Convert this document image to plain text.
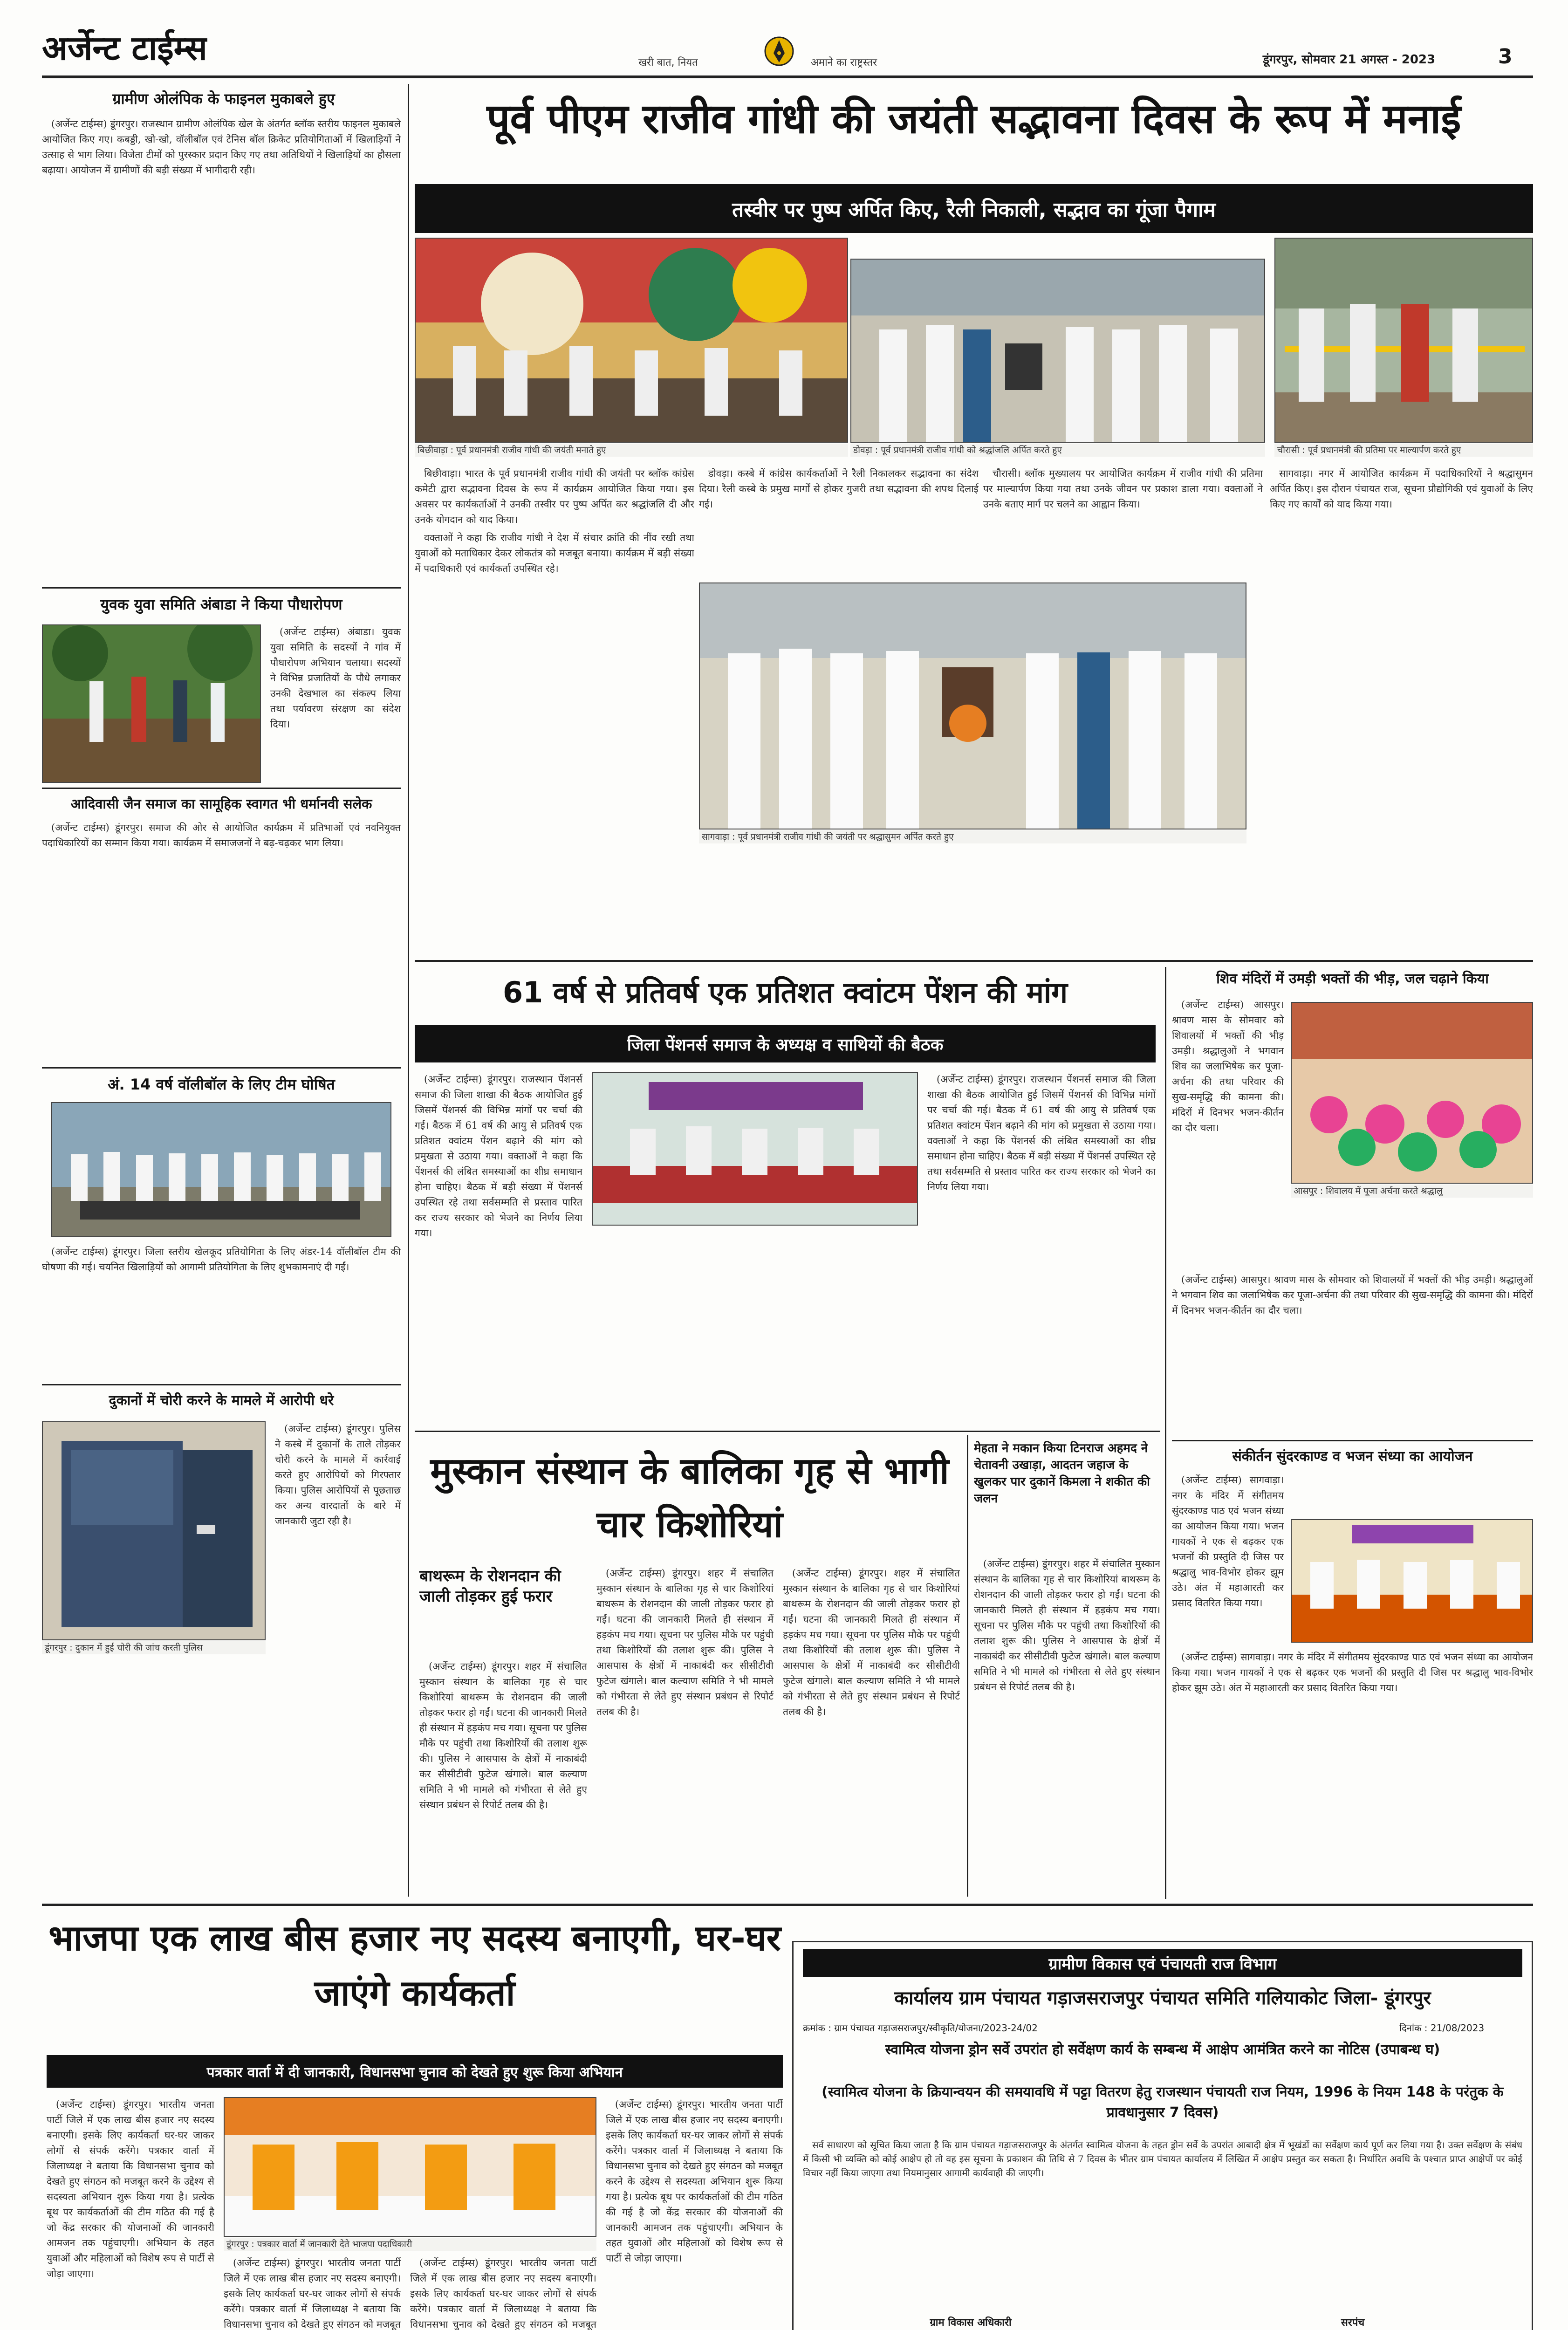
अर्जेन्ट टाईम्स	खरी बात, नियत	अमाने का राष्ट्रस्तर	डूंगरपुर, सोमवार 21 अगस्त - 2023	3
ग्रामीण ओलंपिक के फाइनल मुकाबले हुए

(अर्जेन्ट टाईम्स) डूंगरपुर। राजस्थान ग्रामीण ओलंपिक खेल के अंतर्गत ब्लॉक स्तरीय फाइनल मुकाबले आयोजित किए गए। कबड्डी, खो-खो, वॉलीबॉल एवं टेनिस बॉल क्रिकेट प्रतियोगिताओं में खिलाड़ियों ने उत्साह से भाग लिया। विजेता टीमों को पुरस्कार प्रदान किए गए तथा अतिथियों ने खिलाड़ियों का हौसला बढ़ाया। आयोजन में ग्रामीणों की बड़ी संख्या में भागीदारी रही।

युवक युवा समिति अंबाडा ने किया पौधारोपण

(अर्जेन्ट टाईम्स) अंबाडा। युवक युवा समिति के सदस्यों ने गांव में पौधारोपण अभियान चलाया। सदस्यों ने विभिन्न प्रजातियों के पौधे लगाकर उनकी देखभाल का संकल्प लिया तथा पर्यावरण संरक्षण का संदेश दिया।

आदिवासी जैन समाज का सामूहिक स्वागत भी धर्मानवी सलेक

(अर्जेन्ट टाईम्स) डूंगरपुर। समाज की ओर से आयोजित कार्यक्रम में प्रतिभाओं एवं नवनियुक्त पदाधिकारियों का सम्मान किया गया। कार्यक्रम में समाजजनों ने बढ़-चढ़कर भाग लिया।

अं. 14 वर्ष वॉलीबॉल के लिए टीम घोषित

(अर्जेन्ट टाईम्स) डूंगरपुर। जिला स्तरीय खेलकूद प्रतियोगिता के लिए अंडर-14 वॉलीबॉल टीम की घोषणा की गई। चयनित खिलाड़ियों को आगामी प्रतियोगिता के लिए शुभकामनाएं दी गईं।

दुकानों में चोरी करने के मामले में आरोपी धरे
डूंगरपुर : दुकान में हुई चोरी की जांच करती पुलिस

(अर्जेन्ट टाईम्स) डूंगरपुर। पुलिस ने कस्बे में दुकानों के ताले तोड़कर चोरी करने के मामले में कार्रवाई करते हुए आरोपियों को गिरफ्तार किया। पुलिस आरोपियों से पूछताछ कर अन्य वारदातों के बारे में जानकारी जुटा रही है।

पूर्व पीएम राजीव गांधी की जयंती सद्भावना दिवस के रूप में मनाई
तस्वीर पर पुष्प अर्पित किए, रैली निकाली, सद्भाव का गूंजा पैगाम
बिछीवाड़ा : पूर्व प्रधानमंत्री राजीव गांधी की जयंती मनाते हुए	डोवड़ा : पूर्व प्रधानमंत्री राजीव गांधी को श्रद्धांजलि अर्पित करते हुए	चौरासी : पूर्व प्रधानमंत्री की प्रतिमा पर माल्यार्पण करते हुए

बिछीवाड़ा। भारत के पूर्व प्रधानमंत्री राजीव गांधी की जयंती पर ब्लॉक कांग्रेस कमेटी द्वारा सद्भावना दिवस के रूप में कार्यक्रम आयोजित किया गया। इस अवसर पर कार्यकर्ताओं ने उनकी तस्वीर पर पुष्प अर्पित कर श्रद्धांजलि दी और उनके योगदान को याद किया।

वक्ताओं ने कहा कि राजीव गांधी ने देश में संचार क्रांति की नींव रखी तथा युवाओं को मताधिकार देकर लोकतंत्र को मजबूत बनाया। कार्यक्रम में बड़ी संख्या में पदाधिकारी एवं कार्यकर्ता उपस्थित रहे।

डोवड़ा। कस्बे में कांग्रेस कार्यकर्ताओं ने रैली निकालकर सद्भावना का संदेश दिया। रैली कस्बे के प्रमुख मार्गों से होकर गुजरी तथा सद्भावना की शपथ दिलाई गई।

चौरासी। ब्लॉक मुख्यालय पर आयोजित कार्यक्रम में राजीव गांधी की प्रतिमा पर माल्यार्पण किया गया तथा उनके जीवन पर प्रकाश डाला गया। वक्ताओं ने उनके बताए मार्ग पर चलने का आह्वान किया।

सागवाड़ा : पूर्व प्रधानमंत्री राजीव गांधी की जयंती पर श्रद्धासुमन अर्पित करते हुए

सागवाड़ा। नगर में आयोजित कार्यक्रम में पदाधिकारियों ने श्रद्धासुमन अर्पित किए। इस दौरान पंचायत राज, सूचना प्रौद्योगिकी एवं युवाओं के लिए किए गए कार्यों को याद किया गया।

61 वर्ष से प्रतिवर्ष एक प्रतिशत क्वांटम पेंशन की मांग
जिला पेंशनर्स समाज के अध्यक्ष व साथियों की बैठक

(अर्जेन्ट टाईम्स) डूंगरपुर। राजस्थान पेंशनर्स समाज की जिला शाखा की बैठक आयोजित हुई जिसमें पेंशनर्स की विभिन्न मांगों पर चर्चा की गई। बैठक में 61 वर्ष की आयु से प्रतिवर्ष एक प्रतिशत क्वांटम पेंशन बढ़ाने की मांग को प्रमुखता से उठाया गया। वक्ताओं ने कहा कि पेंशनर्स की लंबित समस्याओं का शीघ्र समाधान होना चाहिए। बैठक में बड़ी संख्या में पेंशनर्स उपस्थित रहे तथा सर्वसम्मति से प्रस्ताव पारित कर राज्य सरकार को भेजने का निर्णय लिया गया।

(अर्जेन्ट टाईम्स) डूंगरपुर। राजस्थान पेंशनर्स समाज की जिला शाखा की बैठक आयोजित हुई जिसमें पेंशनर्स की विभिन्न मांगों पर चर्चा की गई। बैठक में 61 वर्ष की आयु से प्रतिवर्ष एक प्रतिशत क्वांटम पेंशन बढ़ाने की मांग को प्रमुखता से उठाया गया। वक्ताओं ने कहा कि पेंशनर्स की लंबित समस्याओं का शीघ्र समाधान होना चाहिए। बैठक में बड़ी संख्या में पेंशनर्स उपस्थित रहे तथा सर्वसम्मति से प्रस्ताव पारित कर राज्य सरकार को भेजने का निर्णय लिया गया।

शिव मंदिरों में उमड़ी भक्तों की भीड़, जल चढ़ाने किया

(अर्जेन्ट टाईम्स) आसपुर। श्रावण मास के सोमवार को शिवालयों में भक्तों की भीड़ उमड़ी। श्रद्धालुओं ने भगवान शिव का जलाभिषेक कर पूजा-अर्चना की तथा परिवार की सुख-समृद्धि की कामना की। मंदिरों में दिनभर भजन-कीर्तन का दौर चला।

आसपुर : शिवालय में पूजा अर्चना करते श्रद्धालु

(अर्जेन्ट टाईम्स) आसपुर। श्रावण मास के सोमवार को शिवालयों में भक्तों की भीड़ उमड़ी। श्रद्धालुओं ने भगवान शिव का जलाभिषेक कर पूजा-अर्चना की तथा परिवार की सुख-समृद्धि की कामना की। मंदिरों में दिनभर भजन-कीर्तन का दौर चला।

संकीर्तन सुंदरकाण्ड व भजन संध्या का आयोजन

(अर्जेन्ट टाईम्स) सागवाड़ा। नगर के मंदिर में संगीतमय सुंदरकाण्ड पाठ एवं भजन संध्या का आयोजन किया गया। भजन गायकों ने एक से बढ़कर एक भजनों की प्रस्तुति दी जिस पर श्रद्धालु भाव-विभोर होकर झूम उठे। अंत में महाआरती कर प्रसाद वितरित किया गया।

(अर्जेन्ट टाईम्स) सागवाड़ा। नगर के मंदिर में संगीतमय सुंदरकाण्ड पाठ एवं भजन संध्या का आयोजन किया गया। भजन गायकों ने एक से बढ़कर एक भजनों की प्रस्तुति दी जिस पर श्रद्धालु भाव-विभोर होकर झूम उठे। अंत में महाआरती कर प्रसाद वितरित किया गया।

मुस्कान संस्थान के बालिका गृह से भागी चार किशोरियां
बाथरूम के रोशनदान की जाली तोड़कर हुई फरार

(अर्जेन्ट टाईम्स) डूंगरपुर। शहर में संचालित मुस्कान संस्थान के बालिका गृह से चार किशोरियां बाथरूम के रोशनदान की जाली तोड़कर फरार हो गईं। घटना की जानकारी मिलते ही संस्थान में हड़कंप मच गया। सूचना पर पुलिस मौके पर पहुंची तथा किशोरियों की तलाश शुरू की। पुलिस ने आसपास के क्षेत्रों में नाकाबंदी कर सीसीटीवी फुटेज खंगाले। बाल कल्याण समिति ने भी मामले को गंभीरता से लेते हुए संस्थान प्रबंधन से रिपोर्ट तलब की है।

(अर्जेन्ट टाईम्स) डूंगरपुर। शहर में संचालित मुस्कान संस्थान के बालिका गृह से चार किशोरियां बाथरूम के रोशनदान की जाली तोड़कर फरार हो गईं। घटना की जानकारी मिलते ही संस्थान में हड़कंप मच गया। सूचना पर पुलिस मौके पर पहुंची तथा किशोरियों की तलाश शुरू की। पुलिस ने आसपास के क्षेत्रों में नाकाबंदी कर सीसीटीवी फुटेज खंगाले। बाल कल्याण समिति ने भी मामले को गंभीरता से लेते हुए संस्थान प्रबंधन से रिपोर्ट तलब की है।

(अर्जेन्ट टाईम्स) डूंगरपुर। शहर में संचालित मुस्कान संस्थान के बालिका गृह से चार किशोरियां बाथरूम के रोशनदान की जाली तोड़कर फरार हो गईं। घटना की जानकारी मिलते ही संस्थान में हड़कंप मच गया। सूचना पर पुलिस मौके पर पहुंची तथा किशोरियों की तलाश शुरू की। पुलिस ने आसपास के क्षेत्रों में नाकाबंदी कर सीसीटीवी फुटेज खंगाले। बाल कल्याण समिति ने भी मामले को गंभीरता से लेते हुए संस्थान प्रबंधन से रिपोर्ट तलब की है।

मेहता ने मकान किया टिनराज अहमद ने चेतावनी उखाड़ा, आदतन जहाज के खुलकर पार दुकानें किमला ने शकीत की जलन

(अर्जेन्ट टाईम्स) डूंगरपुर। शहर में संचालित मुस्कान संस्थान के बालिका गृह से चार किशोरियां बाथरूम के रोशनदान की जाली तोड़कर फरार हो गईं। घटना की जानकारी मिलते ही संस्थान में हड़कंप मच गया। सूचना पर पुलिस मौके पर पहुंची तथा किशोरियों की तलाश शुरू की। पुलिस ने आसपास के क्षेत्रों में नाकाबंदी कर सीसीटीवी फुटेज खंगाले। बाल कल्याण समिति ने भी मामले को गंभीरता से लेते हुए संस्थान प्रबंधन से रिपोर्ट तलब की है।

भाजपा एक लाख बीस हजार नए सदस्य बनाएगी, घर-घर जाएंगे कार्यकर्ता
पत्रकार वार्ता में दी जानकारी, विधानसभा चुनाव को देखते हुए शुरू किया अभियान

(अर्जेन्ट टाईम्स) डूंगरपुर। भारतीय जनता पार्टी जिले में एक लाख बीस हजार नए सदस्य बनाएगी। इसके लिए कार्यकर्ता घर-घर जाकर लोगों से संपर्क करेंगे। पत्रकार वार्ता में जिलाध्यक्ष ने बताया कि विधानसभा चुनाव को देखते हुए संगठन को मजबूत करने के उद्देश्य से सदस्यता अभियान शुरू किया गया है। प्रत्येक बूथ पर कार्यकर्ताओं की टीम गठित की गई है जो केंद्र सरकार की योजनाओं की जानकारी आमजन तक पहुंचाएगी। अभियान के तहत युवाओं और महिलाओं को विशेष रूप से पार्टी से जोड़ा जाएगा।

डूंगरपुर : पत्रकार वार्ता में जानकारी देते भाजपा पदाधिकारी

(अर्जेन्ट टाईम्स) डूंगरपुर। भारतीय जनता पार्टी जिले में एक लाख बीस हजार नए सदस्य बनाएगी। इसके लिए कार्यकर्ता घर-घर जाकर लोगों से संपर्क करेंगे। पत्रकार वार्ता में जिलाध्यक्ष ने बताया कि विधानसभा चुनाव को देखते हुए संगठन को मजबूत

(अर्जेन्ट टाईम्स) डूंगरपुर। भारतीय जनता पार्टी जिले में एक लाख बीस हजार नए सदस्य बनाएगी। इसके लिए कार्यकर्ता घर-घर जाकर लोगों से संपर्क करेंगे। पत्रकार वार्ता में जिलाध्यक्ष ने बताया कि विधानसभा चुनाव को देखते हुए संगठन को मजबूत

(अर्जेन्ट टाईम्स) डूंगरपुर। भारतीय जनता पार्टी जिले में एक लाख बीस हजार नए सदस्य बनाएगी। इसके लिए कार्यकर्ता घर-घर जाकर लोगों से संपर्क करेंगे। पत्रकार वार्ता में जिलाध्यक्ष ने बताया कि विधानसभा चुनाव को देखते हुए संगठन को मजबूत करने के उद्देश्य से सदस्यता अभियान शुरू किया गया है। प्रत्येक बूथ पर कार्यकर्ताओं की टीम गठित की गई है जो केंद्र सरकार की योजनाओं की जानकारी आमजन तक पहुंचाएगी। अभियान के तहत युवाओं और महिलाओं को विशेष रूप से पार्टी से जोड़ा जाएगा।

ग्रामीण विकास एवं पंचायती राज विभाग
कार्यालय ग्राम पंचायत गड़ाजसराजपुर पंचायत समिति गलियाकोट जिला- डूंगरपुर
क्रमांक : ग्राम पंचायत गड़ाजसराजपुर/स्वीकृति/योजना/2023-24/02	दिनांक : 21/08/2023
स्वामित्व योजना ड्रोन सर्वे उपरांत हो सर्वेक्षण कार्य के सम्बन्ध में आक्षेप आमंत्रित करने का नोटिस (उपाबन्ध घ)
(स्वामित्व योजना के क्रियान्वयन की समयावधि में पट्टा वितरण हेतु राजस्थान पंचायती राज नियम, 1996 के नियम 148 के परंतुक के प्रावधानुसार 7 दिवस)

सर्व साधारण को सूचित किया जाता है कि ग्राम पंचायत गड़ाजसराजपुर के अंतर्गत स्वामित्व योजना के तहत ड्रोन सर्वे के उपरांत आबादी क्षेत्र में भूखंडों का सर्वेक्षण कार्य पूर्ण कर लिया गया है। उक्त सर्वेक्षण के संबंध में किसी भी व्यक्ति को कोई आक्षेप हो तो वह इस सूचना के प्रकाशन की तिथि से 7 दिवस के भीतर ग्राम पंचायत कार्यालय में लिखित में आक्षेप प्रस्तुत कर सकता है। निर्धारित अवधि के पश्चात प्राप्त आक्षेपों पर कोई विचार नहीं किया जाएगा तथा नियमानुसार आगामी कार्यवाही की जाएगी।

ग्राम विकास अधिकारी	सरपंच
